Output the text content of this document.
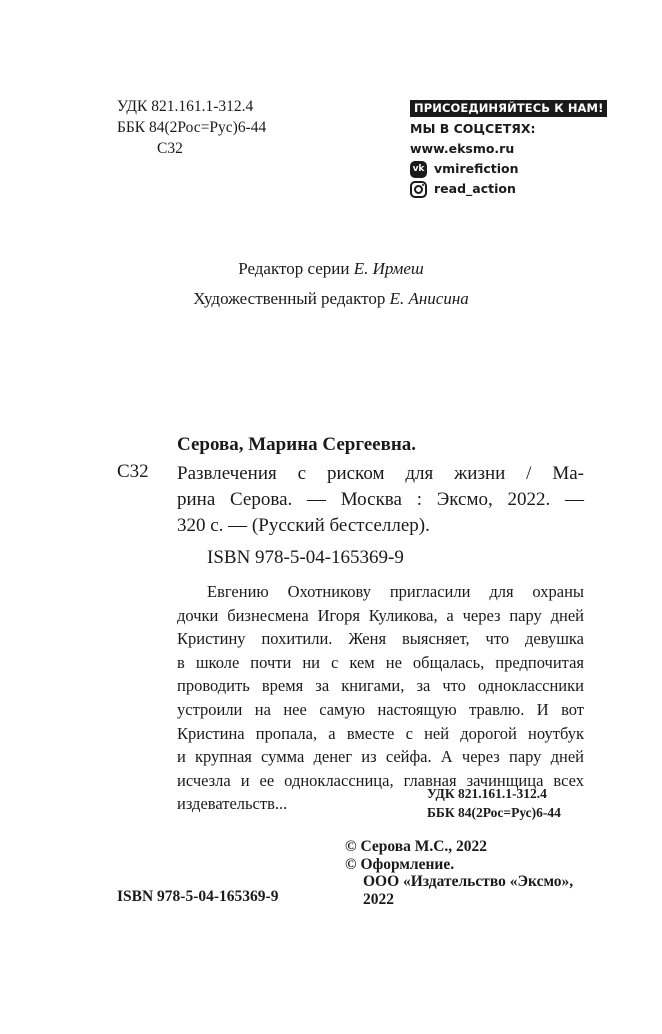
УДК 821.161.1-312.4
ББК 84(2Рос=Рус)6-44
С32
ПРИСОЕДИНЯЙТЕСЬ К НАМ!
МЫ В СОЦСЕТЯХ:
www.eksmo.ru
vk vmirefiction
read_action
Редактор серии Е. Ирмеш
Художественный редактор Е. Анисина
Серова, Марина Сергеевна.
С32 Развлечения с риском для жизни / Ма-
рина Серова. — Москва : Эксмо, 2022. —
320 с. — (Русский бестселлер).
ISBN 978-5-04-165369-9
Евгению Охотникову пригласили для охраны
дочки бизнесмена Игоря Куликова, а через пару дней
Кристину похитили. Женя выясняет, что девушка
в школе почти ни с кем не общалась, предпочитая
проводить время за книгами, за что одноклассники
устроили на нее самую настоящую травлю. И вот
Кристина пропала, а вместе с ней дорогой ноутбук
и крупная сумма денег из сейфа. А через пару дней
исчезла и ее одноклассница, главная зачинщица всех
издевательств...
УДК 821.161.1-312.4
ББК 84(2Рос=Рус)6-44
© Серова М.С., 2022
© Оформление.
ООО «Издательство «Эксмо»,
2022
ISBN 978-5-04-165369-9
